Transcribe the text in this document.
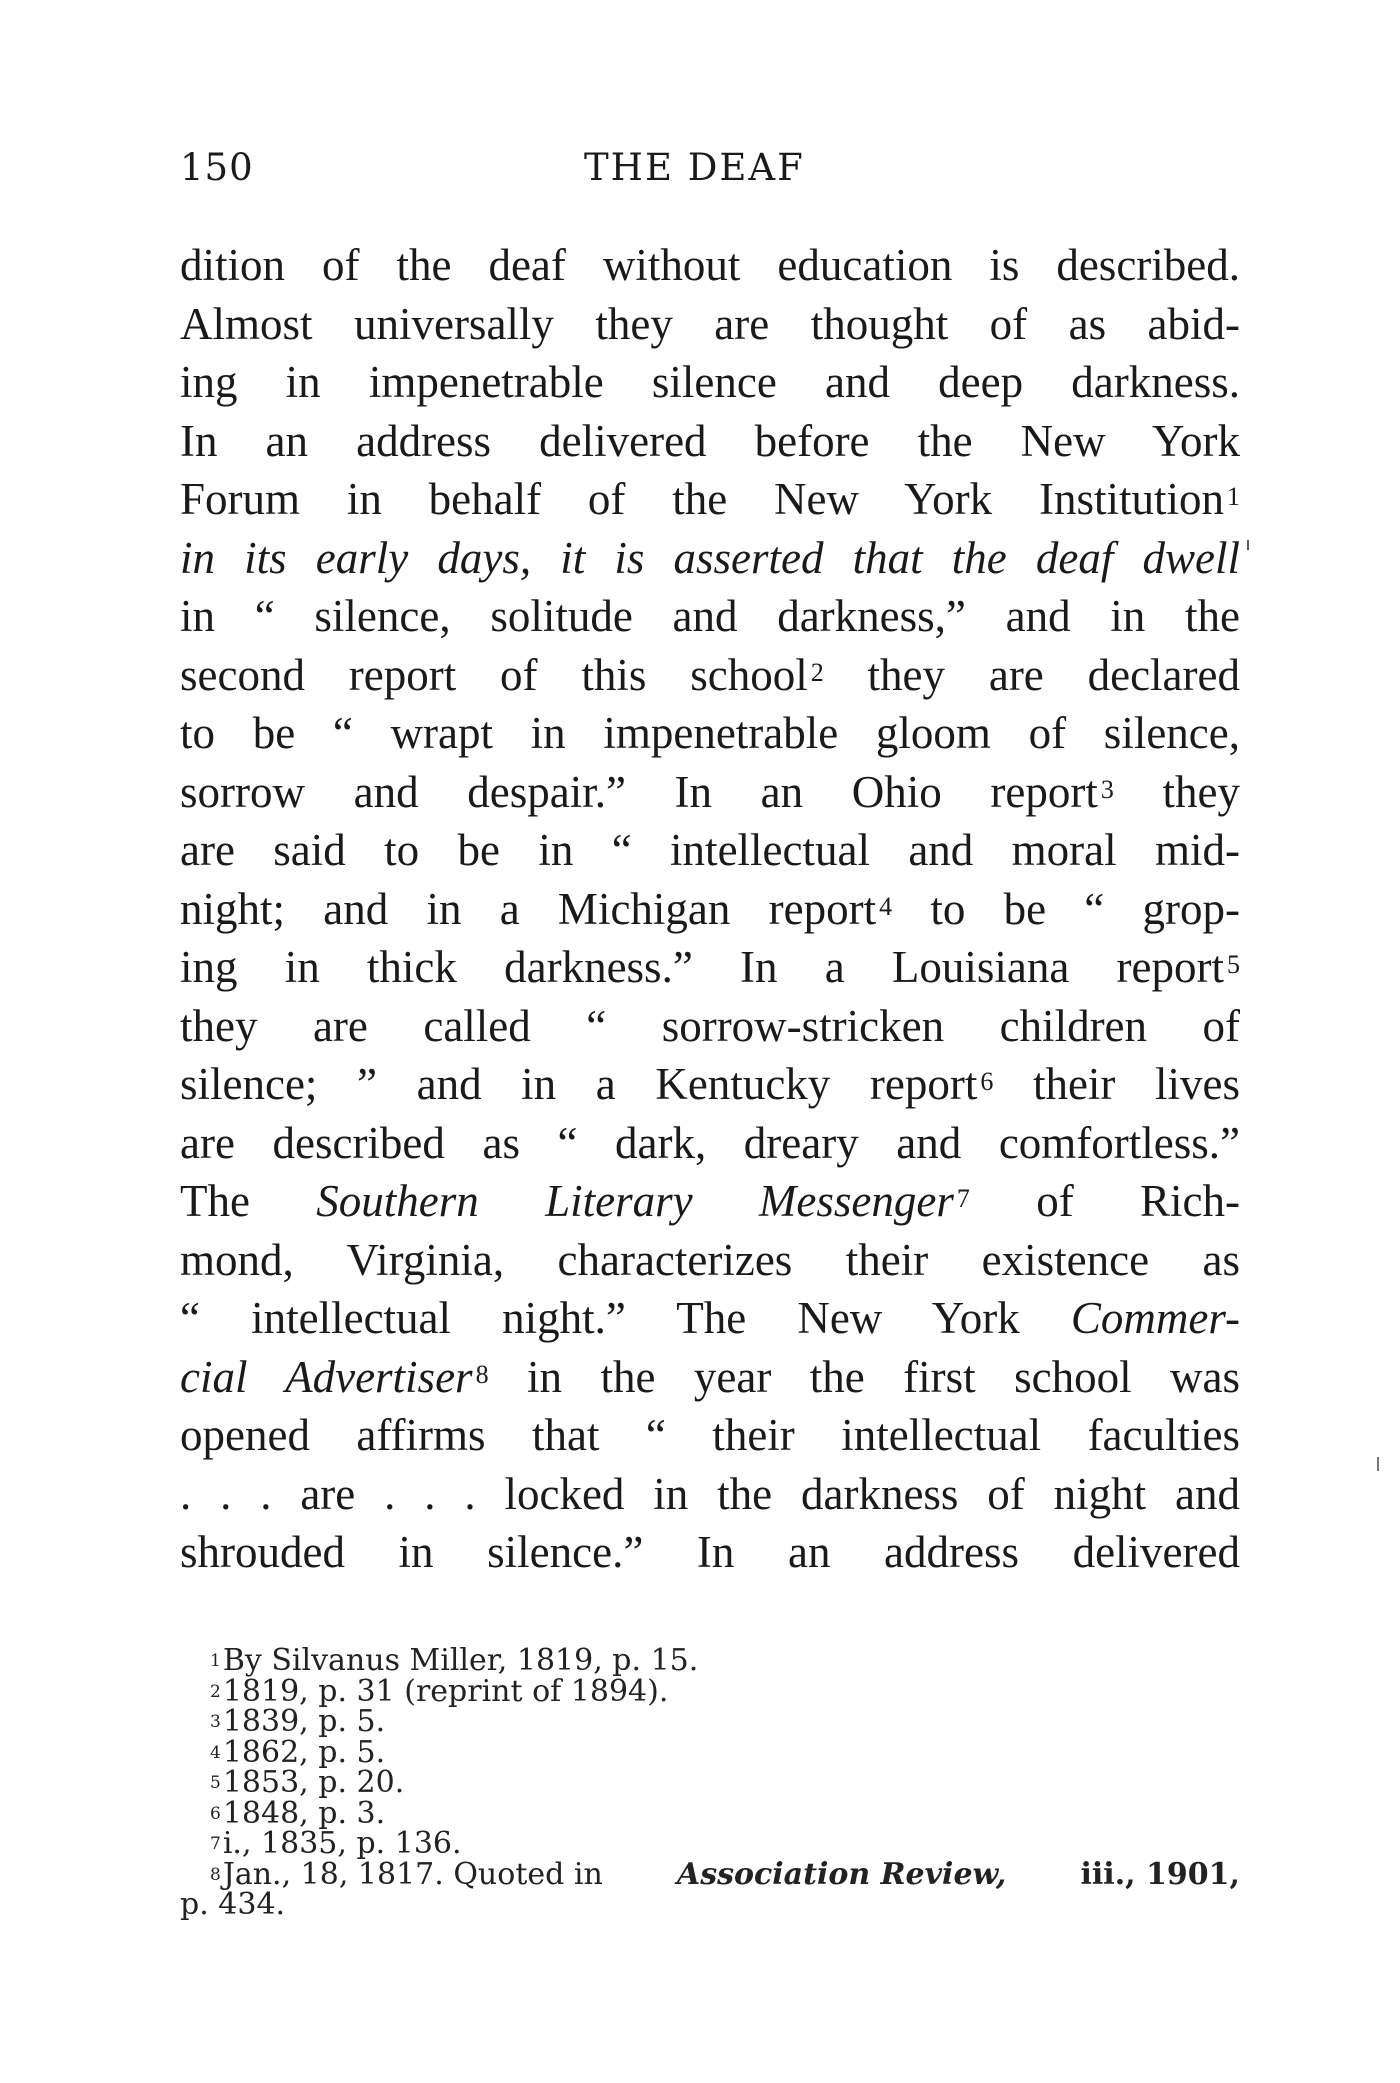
150	THE DEAF
dition of the deaf without education is described.
Almost universally they are thought of as abid-
ing in impenetrable silence and deep darkness.
In an address delivered before the New York
Forum in behalf of the New York Institution $^1$
in its early days, it is asserted that the deaf dwell
in “ silence, solitude and darkness,” and in the
second report of this school $^2$ they are declared
to be “ wrapt in impenetrable gloom of silence,
sorrow and despair.” In an Ohio report $^3$ they
are said to be in “ intellectual and moral mid-
night; and in a Michigan report $^4$ to be “ grop-
ing in thick darkness.” In a Louisiana report $^5$
they are called “ sorrow-stricken children of
silence; ” and in a Kentucky report $^6$ their lives
are described as “ dark, dreary and comfortless.”
The Southern Literary Messenger $^7$ of Rich-
mond, Virginia, characterizes their existence as
“ intellectual night.” The New York Commer-
cial Advertiser $^8$ in the year the first school was
opened affirms that “ their intellectual faculties
. . . are . . . locked in the darkness of night and
shrouded in silence.” In an address delivered
$^1$By Silvanus Miller, 1819, p. 15.
$^2$1819, p. 31 (reprint of 1894).
$^3$1839, p. 5.
$^4$1862, p. 5.
$^5$1853, p. 20.
$^6$1848, p. 3.
$^7$i., 1835, p. 136.
$^8$Jan., 18, 1817. Quoted in Association Review, iii., 1901,
p. 434.
